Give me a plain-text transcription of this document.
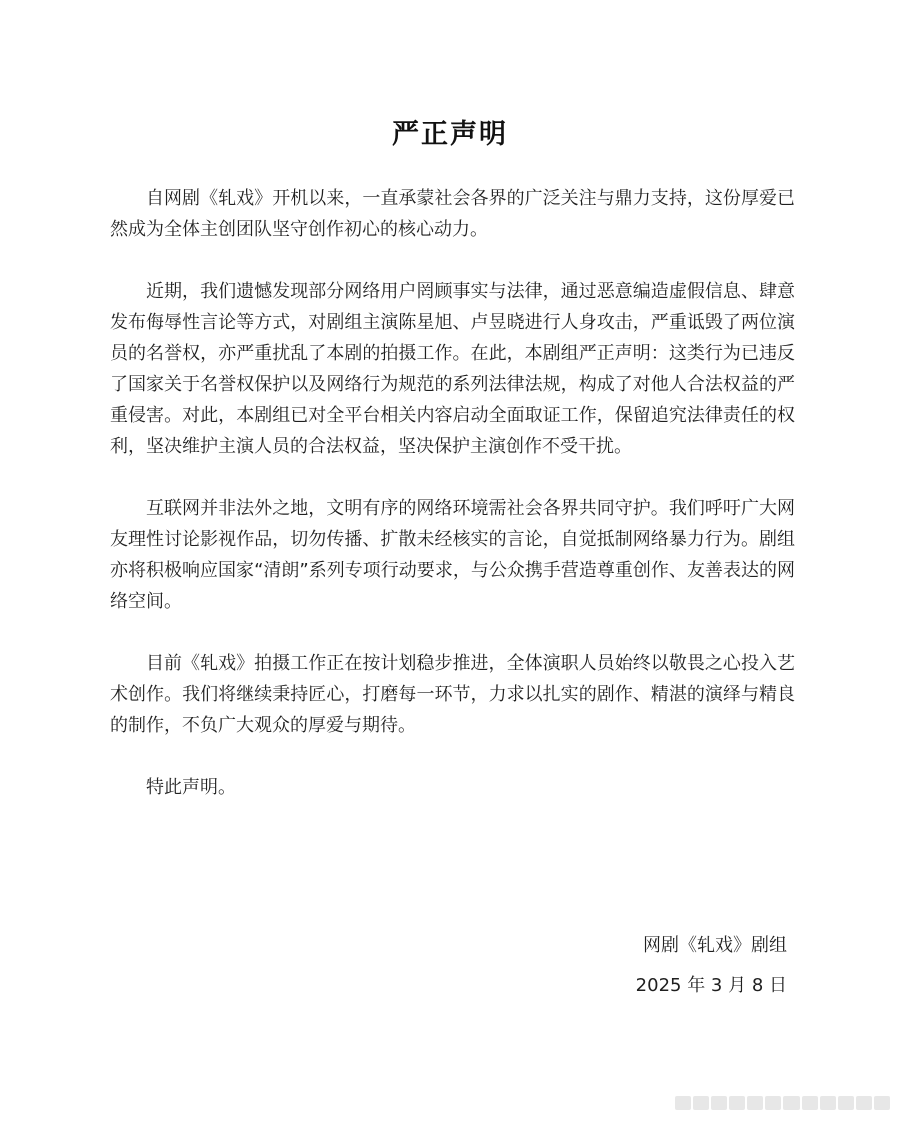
严正声明

自网剧《轧戏》开机以来，一直承蒙社会各界的广泛关注与鼎力支持，这份厚爱已然成为全体主创团队坚守创作初心的核心动力。

近期，我们遗憾发现部分网络用户罔顾事实与法律，通过恶意编造虚假信息、肆意发布侮辱性言论等方式，对剧组主演陈星旭、卢昱晓进行人身攻击，严重诋毁了两位演员的名誉权，亦严重扰乱了本剧的拍摄工作。在此，本剧组严正声明：这类行为已违反了国家关于名誉权保护以及网络行为规范的系列法律法规，构成了对他人合法权益的严重侵害。对此，本剧组已对全平台相关内容启动全面取证工作，保留追究法律责任的权利，坚决维护主演人员的合法权益，坚决保护主演创作不受干扰。

互联网并非法外之地，文明有序的网络环境需社会各界共同守护。我们呼吁广大网友理性讨论影视作品，切勿传播、扩散未经核实的言论，自觉抵制网络暴力行为。剧组亦将积极响应国家“清朗”系列专项行动要求，与公众携手营造尊重创作、友善表达的网络空间。

目前《轧戏》拍摄工作正在按计划稳步推进，全体演职人员始终以敬畏之心投入艺术创作。我们将继续秉持匠心，打磨每一环节，力求以扎实的剧作、精湛的演绎与精良的制作，不负广大观众的厚爱与期待。

特此声明。

网剧《轧戏》剧组
2025 年 3 月 8 日
